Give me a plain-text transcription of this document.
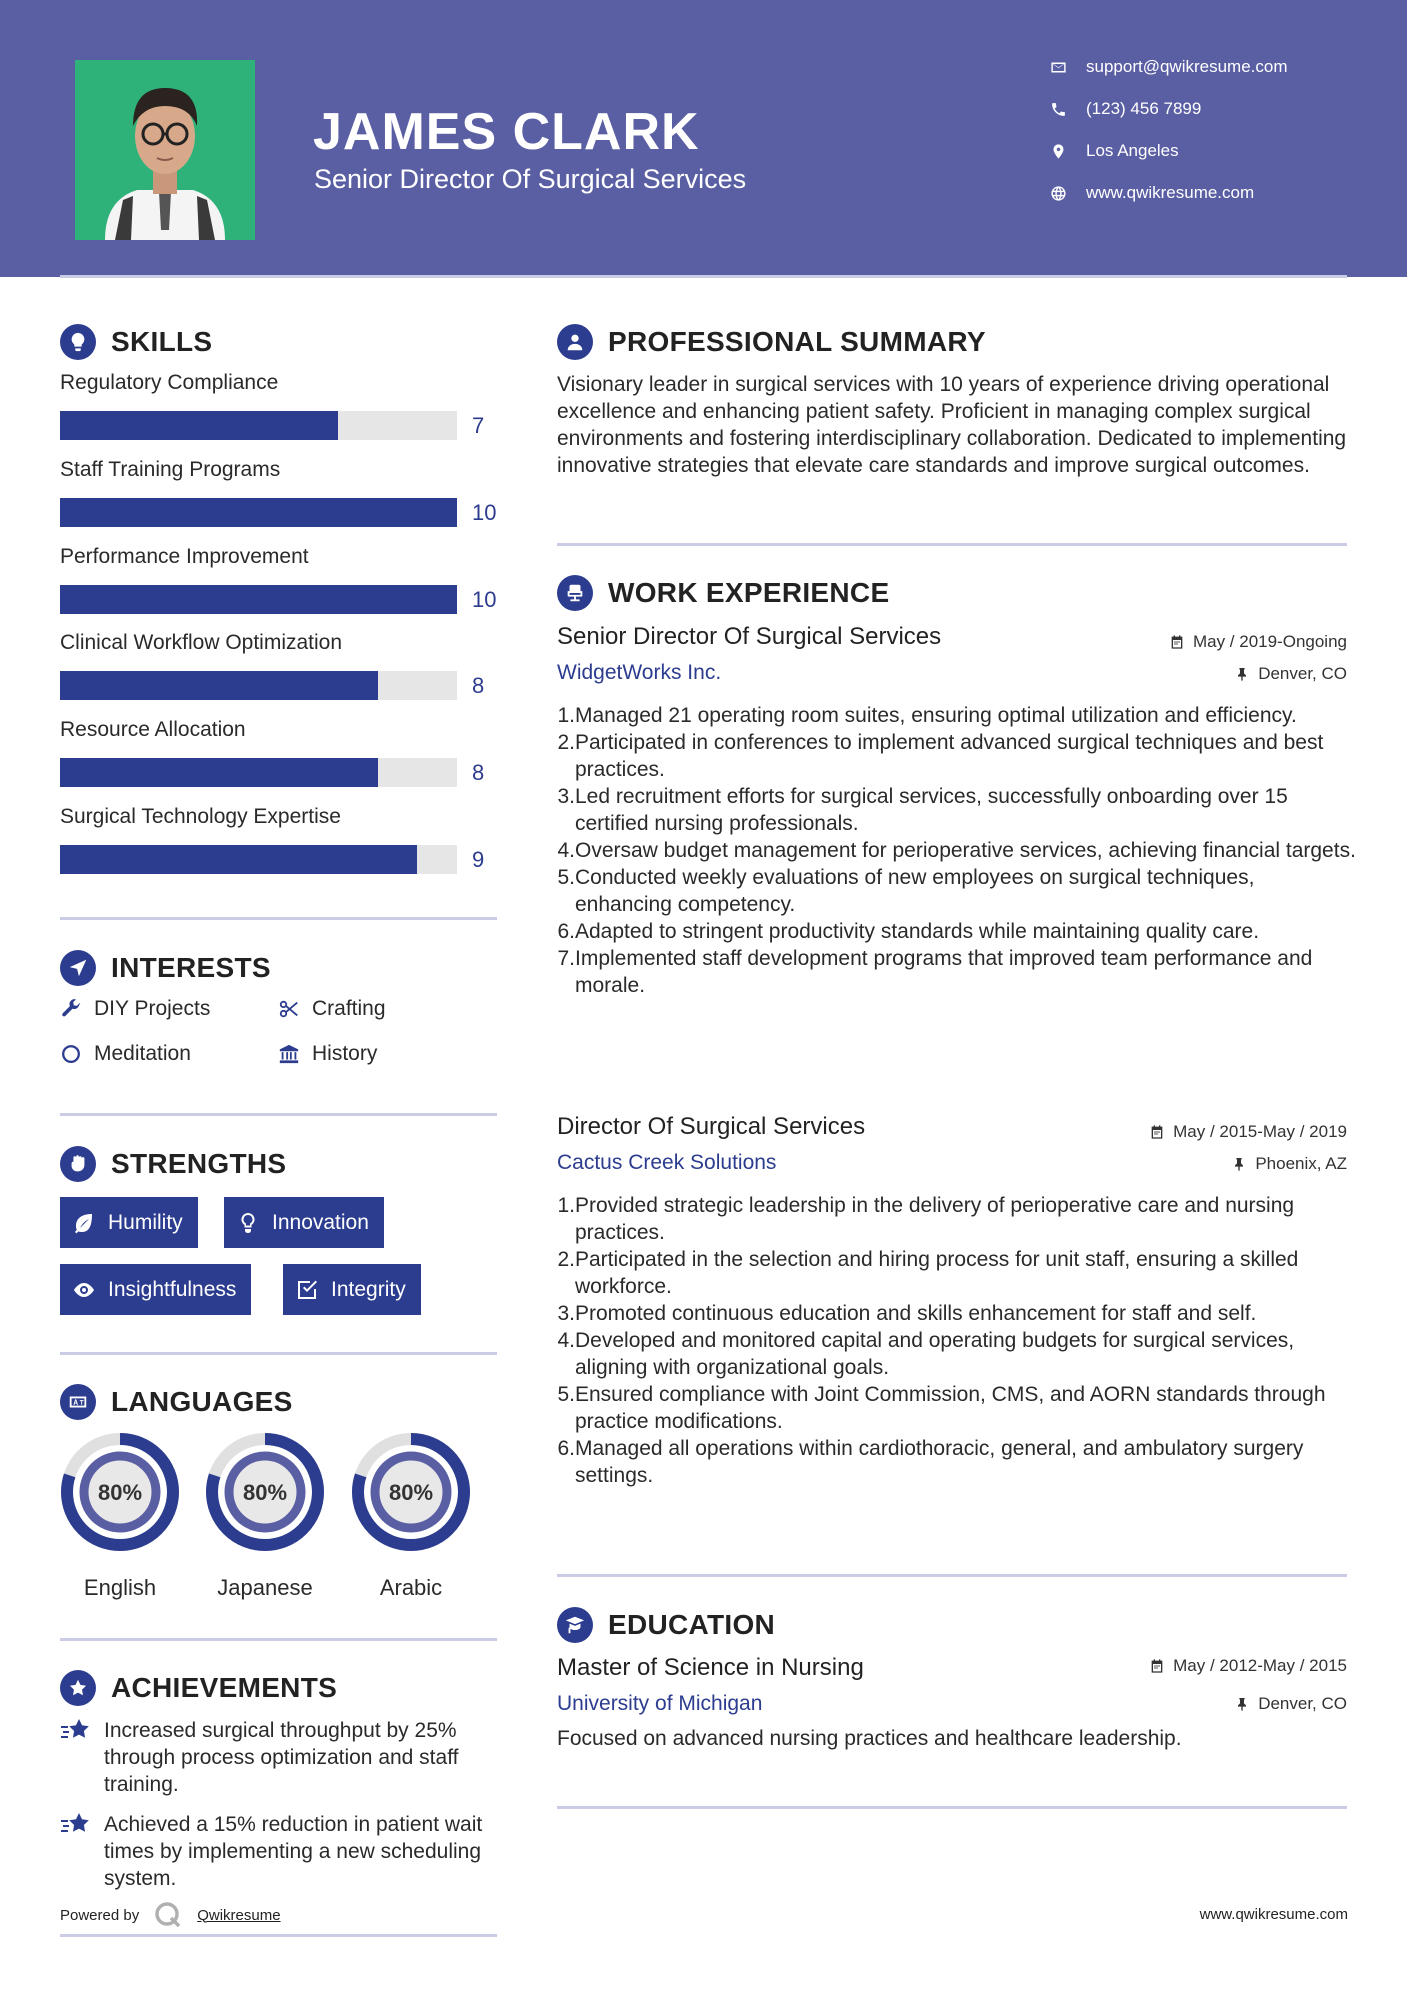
JAMES CLARK
Senior Director Of Surgical Services
support@qwikresume.com
(123) 456 7899
Los Angeles
www.qwikresume.com
SKILLS
Regulatory Compliance
7
Staff Training Programs
10
Performance Improvement
10
Clinical Workflow Optimization
8
Resource Allocation
8
Surgical Technology Expertise
9
INTERESTS
DIY Projects	Crafting
Meditation	History
STRENGTHS
Humility	Innovation
Insightfulness	Integrity
LANGUAGES
80%
English
80%
Japanese
80%
Arabic
ACHIEVEMENTS
Increased surgical throughput by 25% through process optimization and staff training.
Achieved a 15% reduction in patient wait times by implementing a new scheduling system.
PROFESSIONAL SUMMARY
Visionary leader in surgical services with 10 years of experience driving operational excellence and enhancing patient safety. Proficient in managing complex surgical environments and fostering interdisciplinary collaboration. Dedicated to implementing innovative strategies that elevate care standards and improve surgical outcomes.
WORK EXPERIENCE
Senior Director Of Surgical Services	May / 2019-Ongoing
WidgetWorks Inc.	Denver, CO
1. Managed 21 operating room suites, ensuring optimal utilization and efficiency.
2. Participated in conferences to implement advanced surgical techniques and best practices.
3. Led recruitment efforts for surgical services, successfully onboarding over 15 certified nursing professionals.
4. Oversaw budget management for perioperative services, achieving financial targets.
5. Conducted weekly evaluations of new employees on surgical techniques, enhancing competency.
6. Adapted to stringent productivity standards while maintaining quality care.
7. Implemented staff development programs that improved team performance and morale.
Director Of Surgical Services	May / 2015-May / 2019
Cactus Creek Solutions	Phoenix, AZ
1. Provided strategic leadership in the delivery of perioperative care and nursing practices.
2. Participated in the selection and hiring process for unit staff, ensuring a skilled workforce.
3. Promoted continuous education and skills enhancement for staff and self.
4. Developed and monitored capital and operating budgets for surgical services, aligning with organizational goals.
5. Ensured compliance with Joint Commission, CMS, and AORN standards through practice modifications.
6. Managed all operations within cardiothoracic, general, and ambulatory surgery settings.
EDUCATION
Master of Science in Nursing	May / 2012-May / 2015
University of Michigan	Denver, CO
Focused on advanced nursing practices and healthcare leadership.
Powered by	Qwikresume	www.qwikresume.com
